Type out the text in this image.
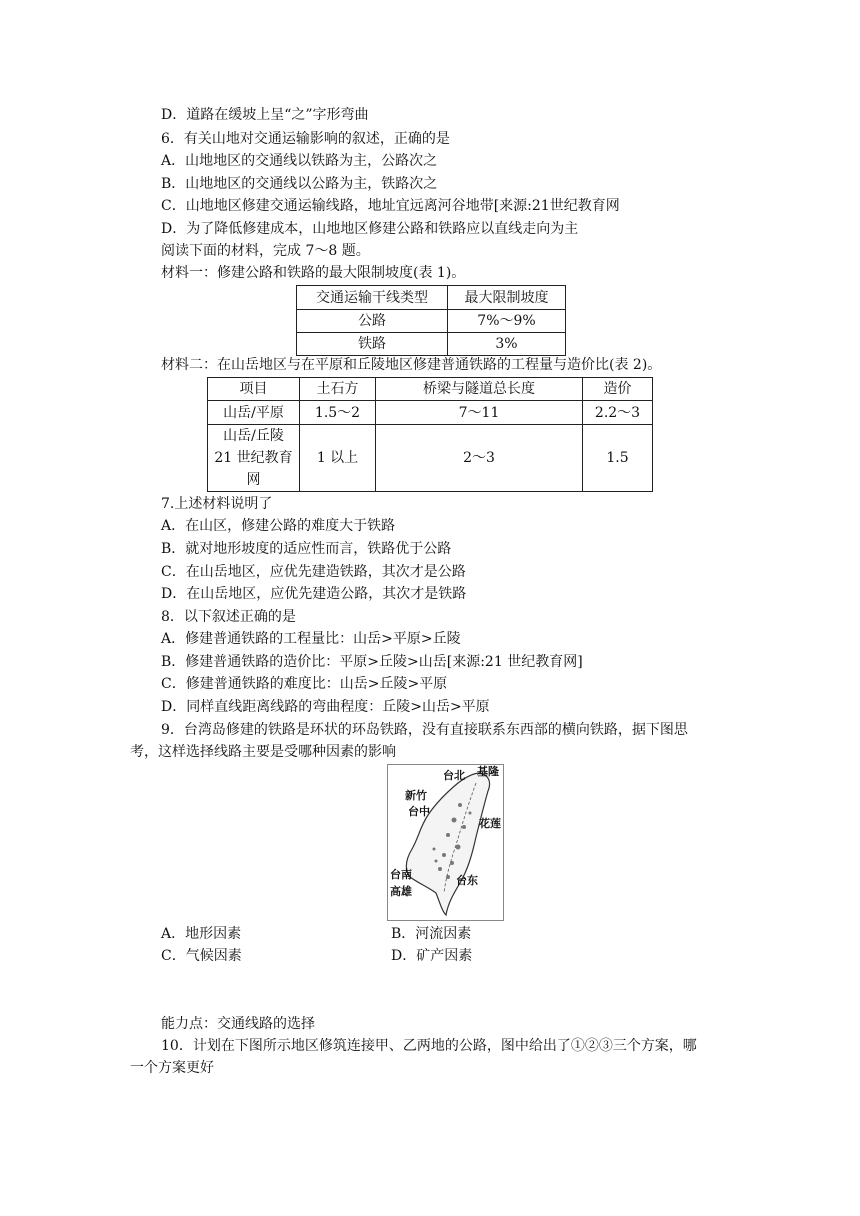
D．道路在缓坡上呈“之”字形弯曲
6．有关山地对交通运输影响的叙述，正确的是
A．山地地区的交通线以铁路为主，公路次之
B．山地地区的交通线以公路为主，铁路次之
C．山地地区修建交通运输线路，地址宜远离河谷地带[来源:21世纪教育网
D．为了降低修建成本，山地地区修建公路和铁路应以直线走向为主
阅读下面的材料，完成 7～8 题。
材料一：修建公路和铁路的最大限制坡度(表 1)。
交通运输干线类型	最大限制坡度
公路	7%～9%
铁路	3%
材料二：在山岳地区与在平原和丘陵地区修建普通铁路的工程量与造价比(表 2)。
项目	土石方	桥梁与隧道总长度	造价
山岳/平原	1.5～2	7～11	2.2～3

山岳/丘陵
21 世纪教育
网	1 以上	2～3	1.5
7.上述材料说明了
A．在山区，修建公路的难度大于铁路
B．就对地形坡度的适应性而言，铁路优于公路
C．在山岳地区，应优先建造铁路，其次才是公路
D．在山岳地区，应优先建造公路，其次才是铁路
8．以下叙述正确的是
A．修建普通铁路的工程量比：山岳>平原>丘陵
B．修建普通铁路的造价比：平原>丘陵>山岳[来源:21 世纪教育网]
C．修建普通铁路的难度比：山岳>丘陵>平原
D．同样直线距离线路的弯曲程度：丘陵>山岳>平原
9．台湾岛修建的铁路是环状的环岛铁路，没有直接联系东西部的横向铁路，据下图思
考，这样选择线路主要是受哪种因素的影响
台北 基隆
新竹
台中
花莲
台南
高雄
台东
A．地形因素	B．河流因素
C．气候因素	D．矿产因素
能力点：交通线路的选择
10．计划在下图所示地区修筑连接甲、乙两地的公路，图中给出了①②③三个方案，哪
一个方案更好
